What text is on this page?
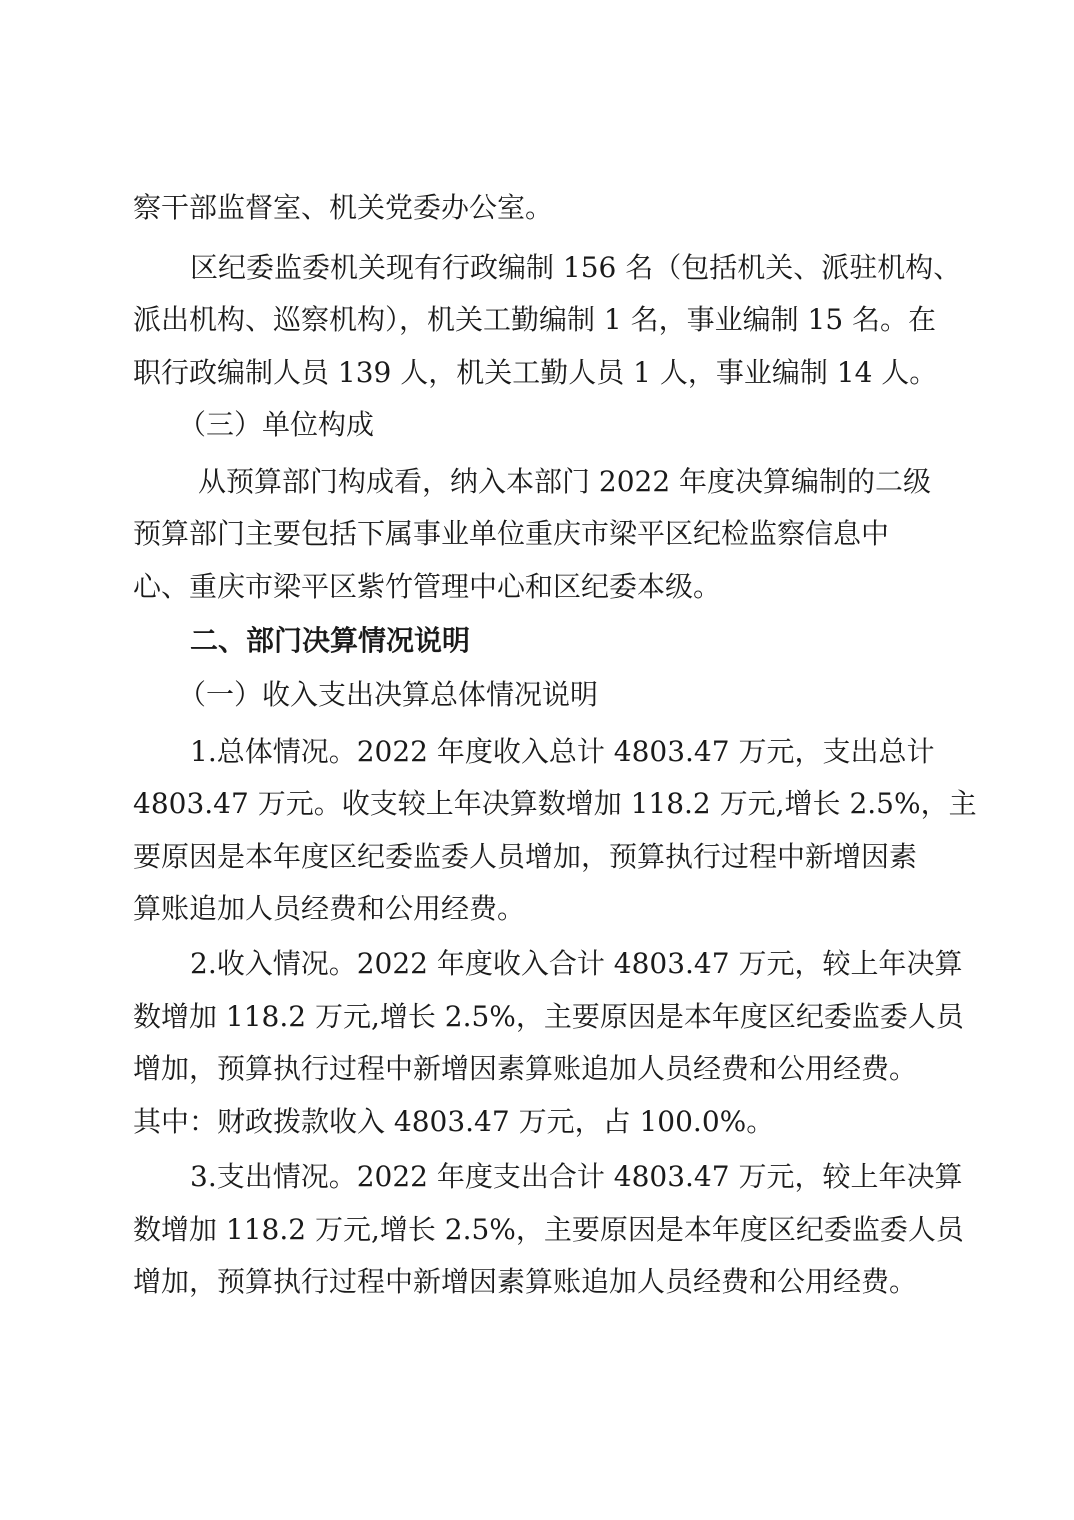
察干部监督室、机关党委办公室。
区纪委监委机关现有行政编制 156 名（包括机关、派驻机构、
派出机构、巡察机构），机关工勤编制 1 名，事业编制 15 名。在
职行政编制人员 139 人，机关工勤人员 1 人，事业编制 14 人。
（三）单位构成
从预算部门构成看，纳入本部门 2022 年度决算编制的二级
预算部门主要包括下属事业单位重庆市梁平区纪检监察信息中
心、重庆市梁平区紫竹管理中心和区纪委本级。
二、部门决算情况说明
（一）收入支出决算总体情况说明
1.总体情况。2022 年度收入总计 4803.47 万元，支出总计
4803.47 万元。收支较上年决算数增加 118.2 万元,增长 2.5%，主
要原因是本年度区纪委监委人员增加，预算执行过程中新增因素
算账追加人员经费和公用经费。
2.收入情况。2022 年度收入合计 4803.47 万元，较上年决算
数增加 118.2 万元,增长 2.5%，主要原因是本年度区纪委监委人员
增加，预算执行过程中新增因素算账追加人员经费和公用经费。
其中：财政拨款收入 4803.47 万元，占 100.0%。
3.支出情况。2022 年度支出合计 4803.47 万元，较上年决算
数增加 118.2 万元,增长 2.5%，主要原因是本年度区纪委监委人员
增加，预算执行过程中新增因素算账追加人员经费和公用经费。
